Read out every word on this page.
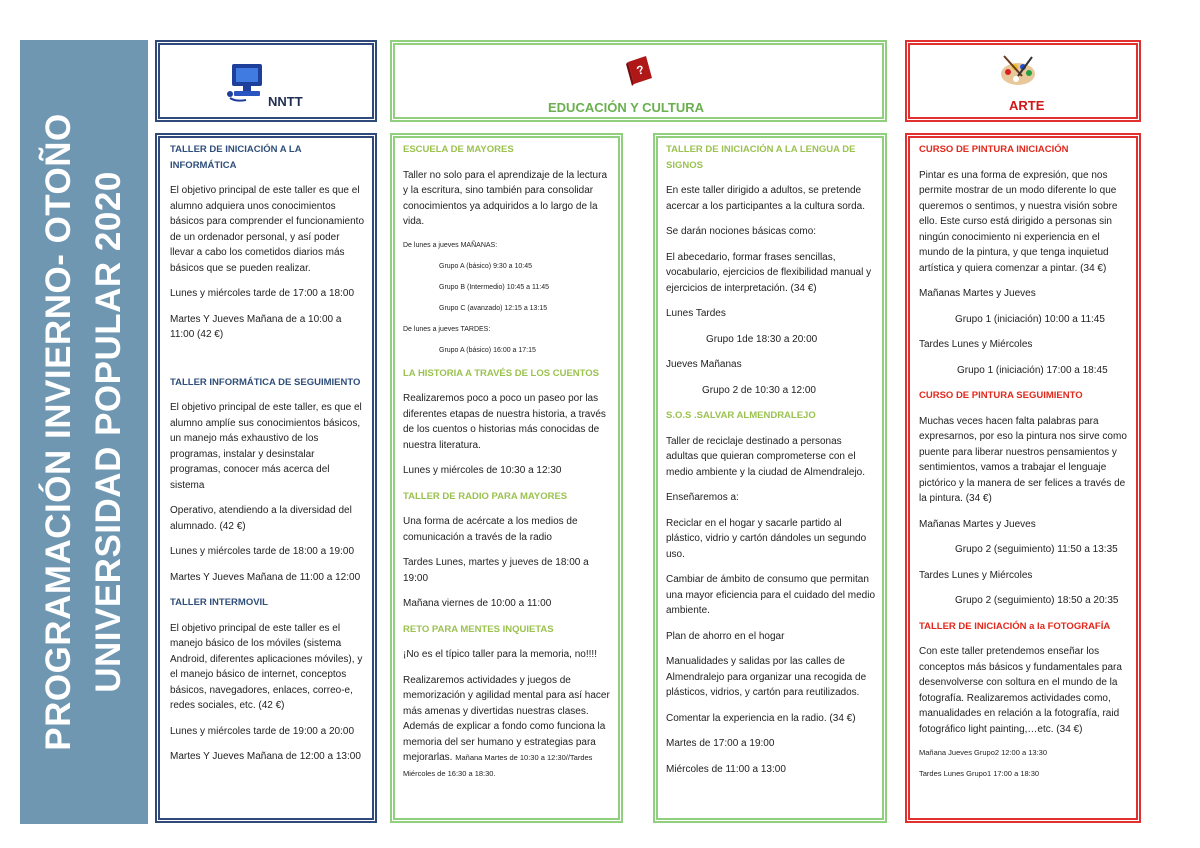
PROGRAMACIÓN INVIERNO- OTOÑO UNIVERSIDAD POPULAR 2020
NNTT
?
EDUCACIÓN Y CULTURA	ARTE
TALLER DE INICIACIÓN A LA INFORMÁTICA

El objetivo principal de este taller es que el alumno adquiera unos conocimientos básicos para comprender el funcionamiento de un ordenador personal, y así poder llevar a cabo los cometidos diarios más básicos que se pueden realizar.

Lunes y miércoles tarde de 17:00 a 18:00

Martes Y Jueves Mañana de a 10:00 a 11:00 (42 €)

TALLER INFORMÁTICA DE SEGUIMIENTO

El objetivo principal de este taller, es que el alumno amplíe sus conocimientos básicos, un manejo más exhaustivo de los programas, instalar y desinstalar programas, conocer más acerca del sistema

Operativo, atendiendo a la diversidad del alumnado. (42 €)

Lunes y miércoles tarde de 18:00 a 19:00

Martes Y Jueves Mañana de 11:00 a 12:00

TALLER INTERMOVIL

El objetivo principal de este taller es el manejo básico de los móviles (sistema Android, diferentes aplicaciones móviles), y el manejo básico de internet, conceptos básicos, navegadores, enlaces, correo-e, redes sociales, etc. (42 €)

Lunes y miércoles tarde de 19:00 a 20:00

Martes Y Jueves Mañana de 12:00 a 13:00

ESCUELA DE MAYORES

Taller no solo para el aprendizaje de la lectura y la escritura, sino también para consolidar conocimientos ya adquiridos a lo largo de la vida.

De lunes a jueves MAÑANAS:

Grupo A (básico) 9:30 a 10:45

Grupo B (Intermedio) 10:45 a 11:45

Grupo C (avanzado) 12:15 a 13:15

De lunes a jueves TARDES:

Grupo A (básico) 16:00 a 17:15

LA HISTORIA A TRAVÉS DE LOS CUENTOS

Realizaremos poco a poco un paseo por las diferentes etapas de nuestra historia, a través de los cuentos o historias más conocidas de nuestra literatura.

Lunes y miércoles de 10:30 a 12:30

TALLER DE RADIO PARA MAYORES

Una forma de acércate a los medios de comunicación a través de la radio

Tardes Lunes, martes y jueves de 18:00 a 19:00

Mañana viernes de 10:00 a 11:00

RETO PARA MENTES INQUIETAS

¡No es el típico taller para la memoria, no!!!!

Realizaremos actividades y juegos de memorización y agilidad mental para así hacer más amenas y divertidas nuestras clases. Además de explicar a fondo como funciona la memoria del ser humano y estrategias para mejorarlas. Mañana Martes de 10:30 a 12:30//Tardes Miércoles de 16:30 a 18:30.

TALLER DE INICIACIÓN A LA LENGUA DE SIGNOS

En este taller dirigido a adultos, se pretende acercar a los participantes a la cultura sorda.

Se darán nociones básicas como:

El abecedario, formar frases sencillas, vocabulario, ejercicios de flexibilidad manual y ejercicios de interpretación. (34 €)

Lunes Tardes

Grupo 1de 18:30 a 20:00

Jueves Mañanas

Grupo 2 de 10:30 a 12:00

S.O.S .SALVAR ALMENDRALEJO

Taller de reciclaje destinado a personas adultas que quieran comprometerse con el medio ambiente y la ciudad de Almendralejo.

Enseñaremos a:

Reciclar en el hogar y sacarle partido al plástico, vidrio y cartón dándoles un segundo uso.

Cambiar de ámbito de consumo que permitan una mayor eficiencia para el cuidado del medio ambiente.

Plan de ahorro en el hogar

Manualidades y salidas por las calles de Almendralejo para organizar una recogida de plásticos, vidrios, y cartón para reutilizados.

Comentar la experiencia en la radio. (34 €)

Martes de 17:00 a 19:00

Miércoles de 11:00 a 13:00

CURSO DE PINTURA INICIACIÓN

Pintar es una forma de expresión, que nos permite mostrar de un modo diferente lo que queremos o sentimos, y nuestra visión sobre ello. Este curso está dirigido a personas sin ningún conocimiento ni experiencia en el mundo de la pintura, y que tenga inquietud artística y quiera comenzar a pintar. (34 €)

Mañanas Martes y Jueves

Grupo 1 (iniciación) 10:00 a 11:45

Tardes Lunes y Miércoles

Grupo 1 (iniciación) 17:00 a 18:45

CURSO DE PINTURA SEGUIMIENTO

Muchas veces hacen falta palabras para expresarnos, por eso la pintura nos sirve como puente para liberar nuestros pensamientos y sentimientos, vamos a trabajar el lenguaje pictórico y la manera de ser felices a través de la pintura. (34 €)

Mañanas Martes y Jueves

Grupo 2 (seguimiento) 11:50 a 13:35

Tardes Lunes y Miércoles

Grupo 2 (seguimiento) 18:50 a 20:35

TALLER DE INICIACIÓN a la FOTOGRAFÍA

Con este taller pretendemos enseñar los conceptos más básicos y fundamentales para desenvolverse con soltura en el mundo de la fotografía. Realizaremos actividades como, manualidades en relación a la fotografía, raid fotográfico light painting,…etc. (34 €)

Mañana Jueves Grupo2 12:00 a 13:30

Tardes Lunes Grupo1 17:00 a 18:30
